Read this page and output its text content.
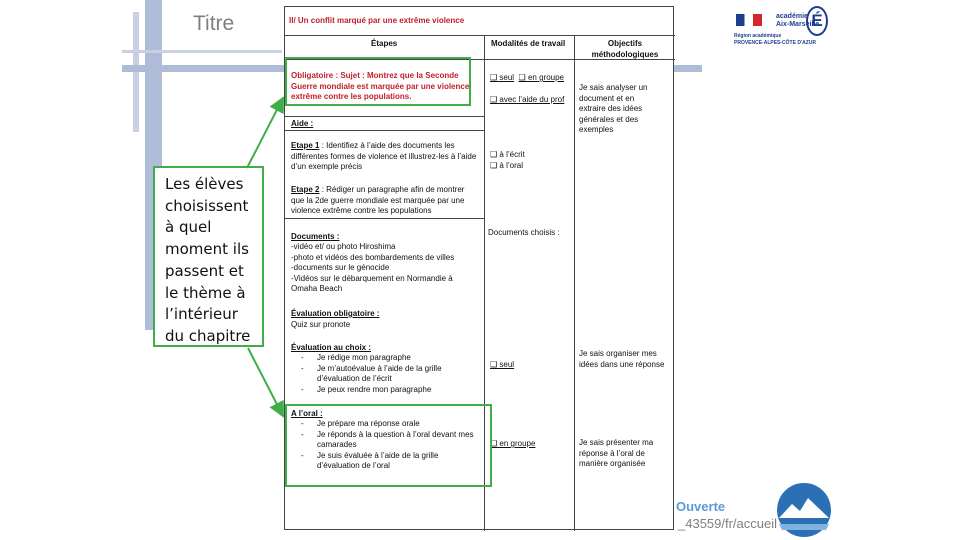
Titre
Les élèves choisissent à quel moment ils passent et le thème à l’intérieur du chapitre
II/ Un conflit marqué par une extrême violence
Étapes	Modalités de travail	Objectifs méthodologiques
Obligatoire : Sujet : Montrez que la Seconde Guerre mondiale est marquée par une violence extrême contre les populations.
Aide :
Etape 1 : Identifiez à l’aide des documents les différentes formes de violence et illustrez-les à l’aide d’un exemple précis
Etape 2 : Rédiger un paragraphe afin de montrer que la 2de guerre mondiale est marquée par une violence extrême contre les populations
Documents :
-vidéo et/ ou photo Hiroshima
-photo et vidéos des bombardements de villes
-documents sur le génocide
-Vidéos sur le débarquement en Normandie à Omaha Beach
Évaluation obligatoire :
Quiz sur pronote
Évaluation au choix :
- Je rédige mon paragraphe
- Je m’autoévalue à l’aide de la grille d’évaluation de l’écrit
- Je peux rendre mon paragraphe
A l’oral :
- Je prépare ma réponse orale
- Je réponds à la question à l’oral devant mes camarades
- Je suis évaluée à l’aide de la grille d’évaluation de l’oral
❑ seul  ❑ en groupe
❑ avec l’aide du prof
❑ à l’écrit
❑ à l’oral
Documents choisis :
❑ seul
❑ en groupe
Je sais analyser un document et en extraire des idées générales et des exemples
Je sais organiser mes idées dans une réponse
Je sais présenter ma réponse à l’oral de manière organisée
académie
Aix-Marseille
Région académique
PROVENCE-ALPES-CÔTE D'AZUR
É
Ouverte
_43559/fr/accueil
